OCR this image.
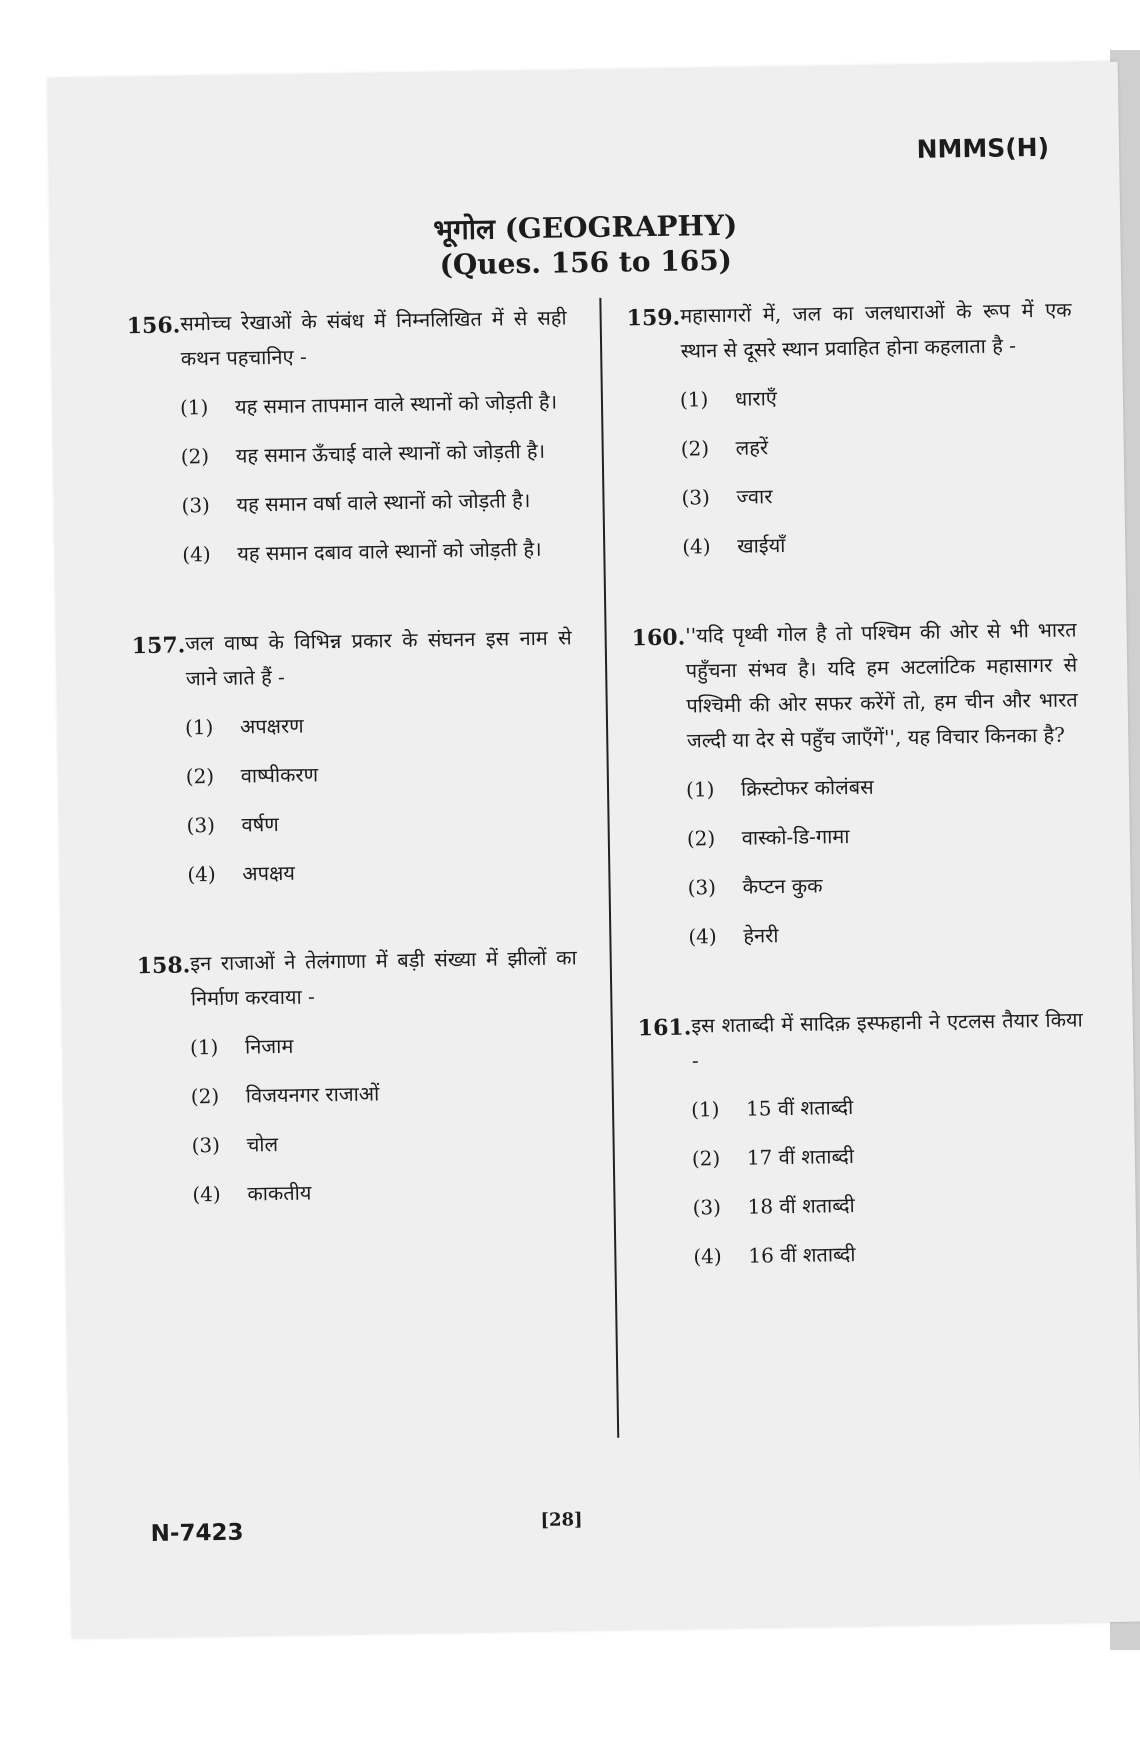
NMMS(H)
भूगोल (GEOGRAPHY)
(Ques. 156 to 165)
156. समोच्च रेखाओं के संबंध में निम्नलिखित में से सही कथन पहचानिए -
(1)	यह समान तापमान वाले स्थानों को जोड़ती है।
(2)	यह समान ऊँचाई वाले स्थानों को जोड़ती है।
(3)	यह समान वर्षा वाले स्थानों को जोड़ती है।
(4)	यह समान दबाव वाले स्थानों को जोड़ती है।
157. जल वाष्प के विभिन्न प्रकार के संघनन इस नाम से जाने जाते हैं -
(1)	अपक्षरण
(2)	वाष्पीकरण
(3)	वर्षण
(4)	अपक्षय
158. इन राजाओं ने तेलंगाणा में बड़ी संख्या में झीलों का निर्माण करवाया -
(1)	निजाम
(2)	विजयनगर राजाओं
(3)	चोल
(4)	काकतीय
159. महासागरों में, जल का जलधाराओं के रूप में एक स्थान से दूसरे स्थान प्रवाहित होना कहलाता है -
(1)	धाराएँ
(2)	लहरें
(3)	ज्वार
(4)	खाईयाँ
160. ''यदि पृथ्वी गोल है तो पश्चिम की ओर से भी भारत पहुँचना संभव है। यदि हम अटलांटिक महासागर से पश्चिमी की ओर सफर करेंगें तो, हम चीन और भारत जल्दी या देर से पहुँच जाएँगें'', यह विचार किनका है?
(1)	क्रिस्टोफर कोलंबस
(2)	वास्को-डि-गामा
(3)	कैप्टन कुक
(4)	हेनरी
161. इस शताब्दी में सादिक़ इस्फहानी ने एटलस तैयार किया -
(1)	15 वीं शताब्दी
(2)	17 वीं शताब्दी
(3)	18 वीं शताब्दी
(4)	16 वीं शताब्दी
N-7423	[28]
